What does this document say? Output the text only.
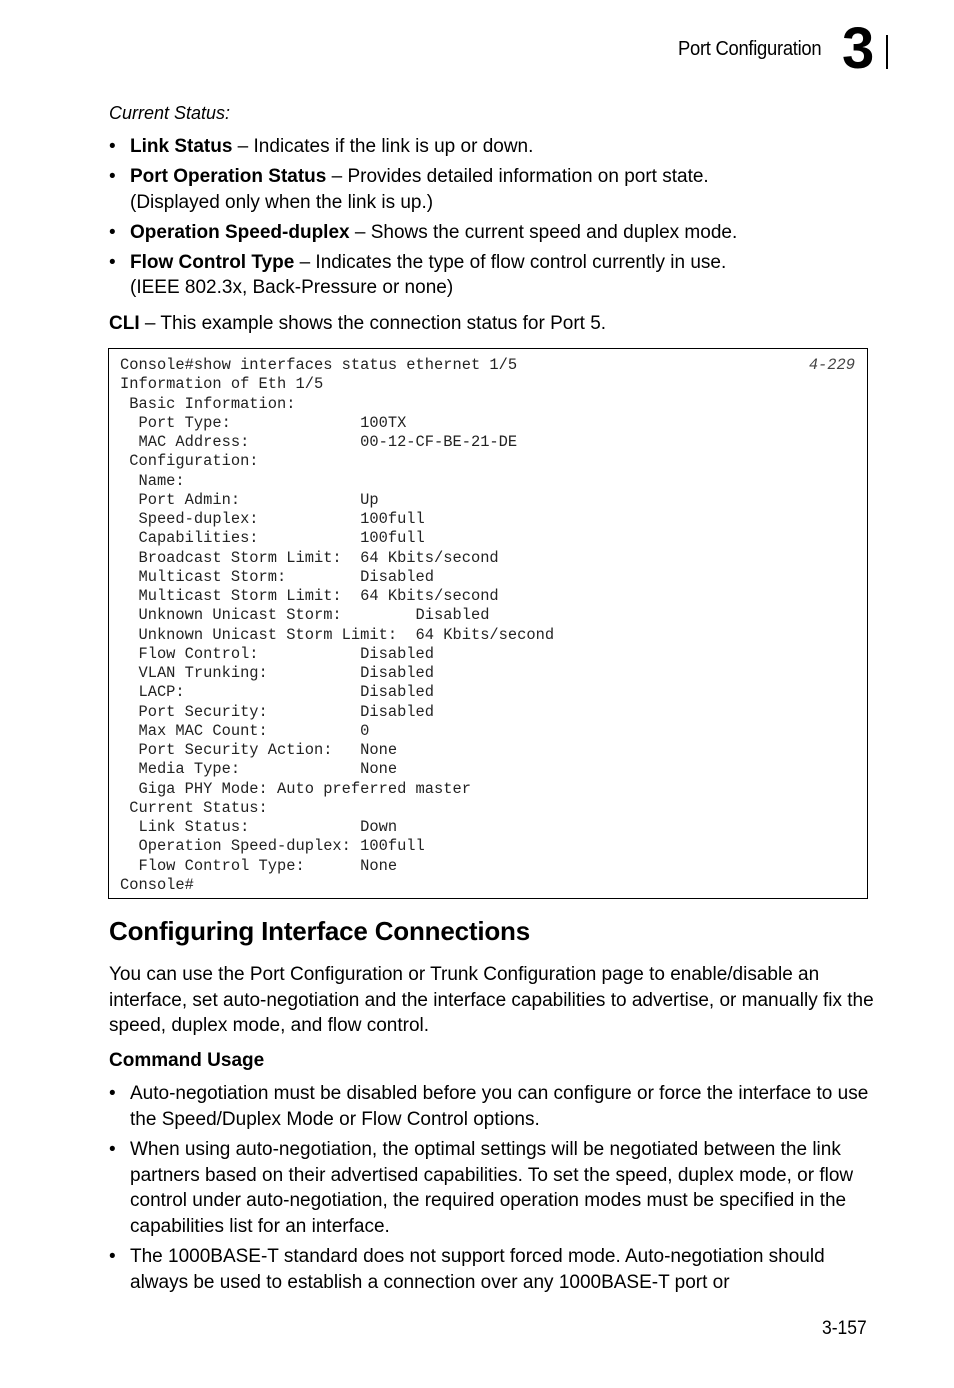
Port Configuration 3
Current Status:
• Link Status – Indicates if the link is up or down.
• Port Operation Status – Provides detailed information on port state.
(Displayed only when the link is up.)
• Operation Speed-duplex – Shows the current speed and duplex mode.
• Flow Control Type – Indicates the type of flow control currently in use.
(IEEE 802.3x, Back-Pressure or none)
CLI – This example shows the connection status for Port 5.
Console#show interfaces status ethernet 1/5
Information of Eth 1/5
Basic Information:
Port Type:              100TX
MAC Address:            00-12-CF-BE-21-DE
Configuration:
Name:
Port Admin:             Up
Speed-duplex:           100full
Capabilities:           100full
Broadcast Storm Limit:  64 Kbits/second
Multicast Storm:        Disabled
Multicast Storm Limit:  64 Kbits/second
Unknown Unicast Storm:        Disabled
Unknown Unicast Storm Limit:  64 Kbits/second
Flow Control:           Disabled
VLAN Trunking:          Disabled
LACP:                   Disabled
Port Security:          Disabled
Max MAC Count:          0
Port Security Action:   None
Media Type:             None
Giga PHY Mode: Auto preferred master
Current Status:
Link Status:            Down
Operation Speed-duplex: 100full
Flow Control Type:      None
Console#
4-229
Configuring Interface Connections
You can use the Port Configuration or Trunk Configuration page to enable/disable an interface, set auto-negotiation and the interface capabilities to advertise, or manually fix the speed, duplex mode, and flow control.
Command Usage
• Auto-negotiation must be disabled before you can configure or force the interface to use the Speed/Duplex Mode or Flow Control options.
• When using auto-negotiation, the optimal settings will be negotiated between the link partners based on their advertised capabilities. To set the speed, duplex mode, or flow control under auto-negotiation, the required operation modes must be specified in the capabilities list for an interface.
• The 1000BASE-T standard does not support forced mode. Auto-negotiation should always be used to establish a connection over any 1000BASE-T port or
3-157
